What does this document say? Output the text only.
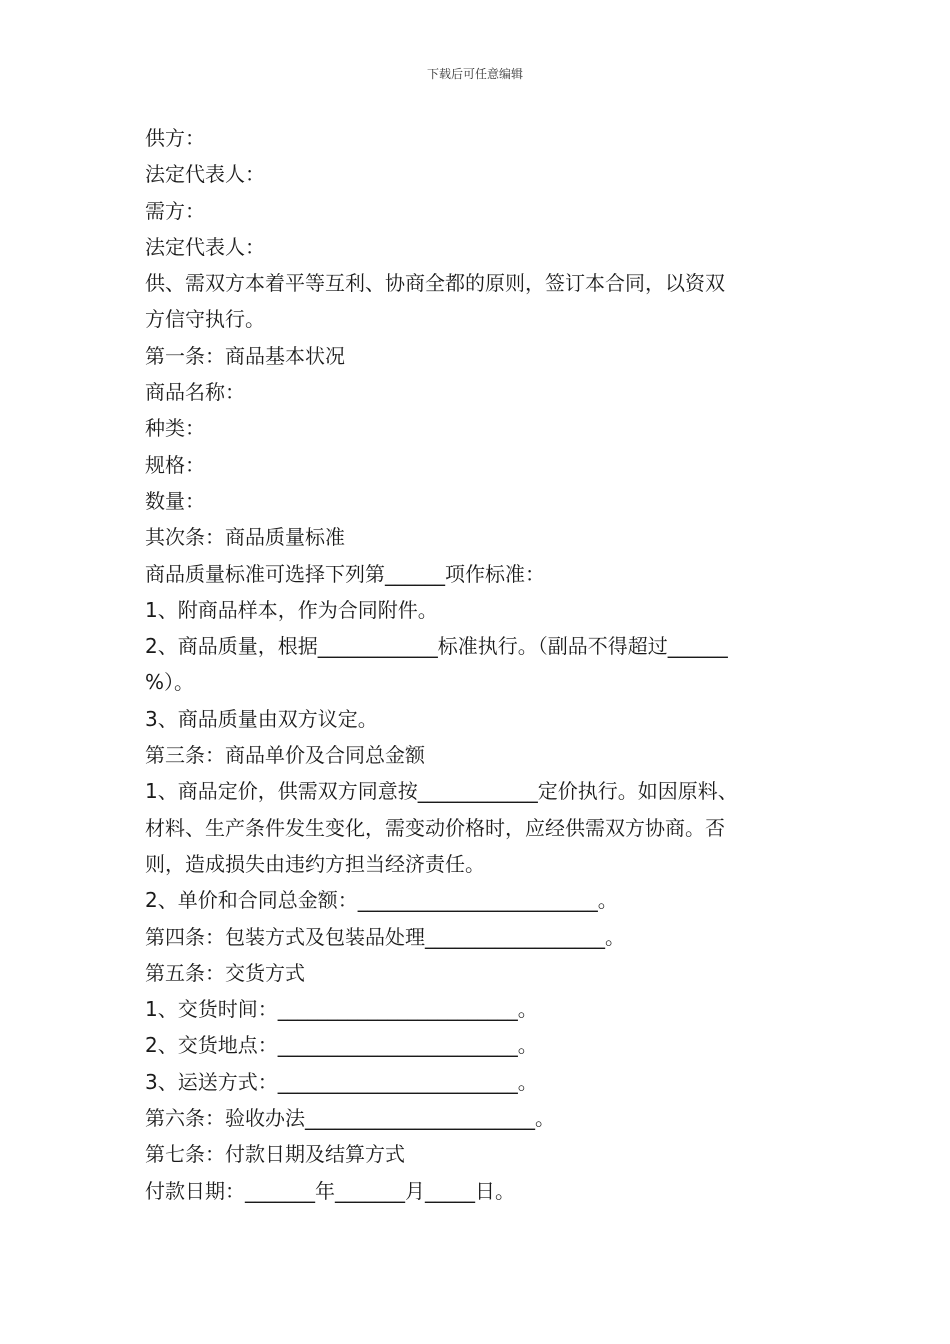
下载后可任意编辑
供方：
法定代表人：
需方：
法定代表人：
供、需双方本着平等互利、协商全都的原则，签订本合同，以资双
方信守执行。
第一条：商品基本状况
商品名称：
种类：
规格：
数量：
其次条：商品质量标准
商品质量标准可选择下列第______项作标准：
1、附商品样本，作为合同附件。
2、商品质量，根据____________标准执行。（副品不得超过______
%）。
3、商品质量由双方议定。
第三条：商品单价及合同总金额
1、商品定价，供需双方同意按____________定价执行。如因原料、
材料、生产条件发生变化，需变动价格时，应经供需双方协商。否
则，造成损失由违约方担当经济责任。
2、单价和合同总金额：________________________。
第四条：包装方式及包装品处理__________________。
第五条：交货方式
1、交货时间：________________________。
2、交货地点：________________________。
3、运送方式：________________________。
第六条：验收办法_______________________。
第七条：付款日期及结算方式
付款日期：_______年_______月_____日。
